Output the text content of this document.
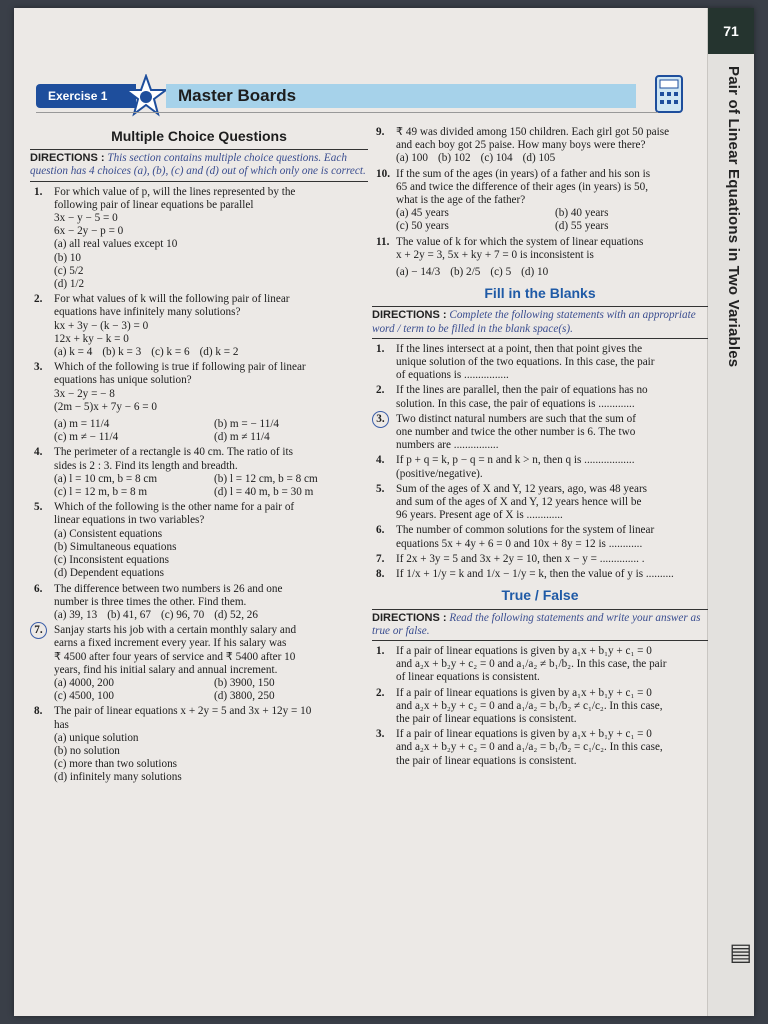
71
Pair of Linear Equations in Two Variables
▤
Exercise 1	Master Boards
Multiple Choice Questions
DIRECTIONS : This section contains multiple choice questions. Each question has 4 choices (a), (b), (c) and (d) out of which only one is correct.
1. For which value of p, will the lines represented by the

following pair of linear equations be parallel

3x − y − 5 = 0

6x − 2y − p = 0

(a) all real values except 10

(b) 10

(c) 5/2

(d) 1/2

2. For what values of k will the following pair of linear

equations have infinitely many solutions?

kx + 3y − (k − 3) = 0

12x + ky − k = 0

(a) k = 4 (b) k = 3 (c) k = 6 (d) k = 2
3. Which of the following is true if following pair of linear

equations has unique solution?

3x − 2y = − 8

(2m − 5)x + 7y − 6 = 0

(a) m = 11/4	(b) m = − 11/4
(c) m ≠ − 11/4	(d) m ≠ 11/4
4. The perimeter of a rectangle is 40 cm. The ratio of its

sides is 2 : 3. Find its length and breadth.

(a) l = 10 cm, b = 8 cm	(b) l = 12 cm, b = 8 cm
(c) l = 12 m, b = 8 m	(d) l = 40 m, b = 30 m
5. Which of the following is the other name for a pair of

linear equations in two variables?

(a) Consistent equations

(b) Simultaneous equations

(c) Inconsistent equations

(d) Dependent equations

6. The difference between two numbers is 26 and one

number is three times the other. Find them.

(a) 39, 13 (b) 41, 67 (c) 96, 70 (d) 52, 26
7.	Sanjay starts his job with a certain monthly salary and

earns a fixed increment every year. If his salary was

₹ 4500 after four years of service and ₹ 5400 after 10

years, find his initial salary and annual increment.

(a) 4000, 200	(b) 3900, 150
(c) 4500, 100	(d) 3800, 250
8. The pair of linear equations x + 2y = 5 and 3x + 12y = 10

has

(a) unique solution

(b) no solution

(c) more than two solutions

(d) infinitely many solutions

9. ₹ 49 was divided among 150 children. Each girl got 50 paise

and each boy got 25 paise. How many boys were there?

(a) 100 (b) 102 (c) 104 (d) 105
10. If the sum of the ages (in years) of a father and his son is

65 and twice the difference of their ages (in years) is 50,

what is the age of the father?

(a) 45 years	(b) 40 years
(c) 50 years	(d) 55 years
11. The value of k for which the system of linear equations

x + 2y = 3, 5x + ky + 7 = 0 is inconsistent is

(a) − 14/3 (b) 2/5 (c) 5 (d) 10
Fill in the Blanks
DIRECTIONS : Complete the following statements with an appropriate word / term to be filled in the blank space(s).
1. If the lines intersect at a point, then that point gives the

unique solution of the two equations. In this case, the pair

of equations is ................

2. If the lines are parallel, then the pair of equations has no

solution. In this case, the pair of equations is .............

3.	Two distinct natural numbers are such that the sum of

one number and twice the other number is 6. The two

numbers are ................

4. If p + q = k, p − q = n and k > n, then q is ..................

(positive/negative).

5. Sum of the ages of X and Y, 12 years, ago, was 48 years

and sum of the ages of X and Y, 12 years hence will be

96 years. Present age of X is .............

6. The number of common solutions for the system of linear

equations 5x + 4y + 6 = 0 and 10x + 8y = 12 is ............

7. If 2x + 3y = 5 and 3x + 2y = 10, then x − y = .............. .

8. If 1/x + 1/y = k and 1/x − 1/y = k, then the value of y is ..........

True / False
DIRECTIONS : Read the following statements and write your answer as true or false.
1. If a pair of linear equations is given by a₁x + b₁y + c₁ = 0

and a₂x + b₂y + c₂ = 0 and a₁/a₂ ≠ b₁/b₂. In this case, the pair

of linear equations is consistent.

2. If a pair of linear equations is given by a₁x + b₁y + c₁ = 0

and a₂x + b₂y + c₂ = 0 and a₁/a₂ = b₁/b₂ ≠ c₁/c₂. In this case,

the pair of linear equations is consistent.

3. If a pair of linear equations is given by a₁x + b₁y + c₁ = 0

and a₂x + b₂y + c₂ = 0 and a₁/a₂ = b₁/b₂ = c₁/c₂. In this case,

the pair of linear equations is consistent.
